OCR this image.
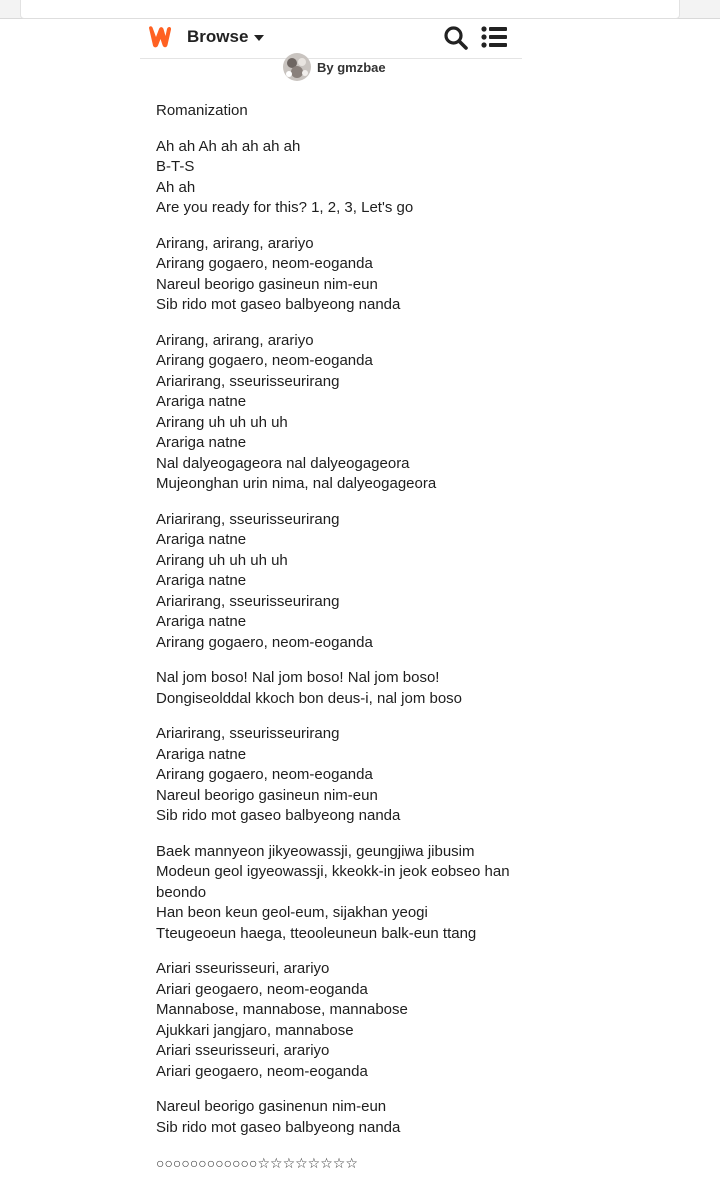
Browse
By gmzbae
Romanization
Ah ah Ah ah ah ah ah
B-T-S
Ah ah
Are you ready for this? 1, 2, 3, Let's go
Arirang, arirang, arariyo
Arirang gogaero, neom-eoganda
Nareul beorigo gasineun nim-eun
Sib rido mot gaseo balbyeong nanda
Arirang, arirang, arariyo
Arirang gogaero, neom-eoganda
Ariarirang, sseurisseurirang
Arariga natne
Arirang uh uh uh uh
Arariga natne
Nal dalyeogageora nal dalyeogageora
Mujeonghan urin nima, nal dalyeogageora
Ariarirang, sseurisseurirang
Arariga natne
Arirang uh uh uh uh
Arariga natne
Ariarirang, sseurisseurirang
Arariga natne
Arirang gogaero, neom-eoganda
Nal jom boso! Nal jom boso! Nal jom boso!
Dongiseolddal kkoch bon deus-i, nal jom boso
Ariarirang, sseurisseurirang
Arariga natne
Arirang gogaero, neom-eoganda
Nareul beorigo gasineun nim-eun
Sib rido mot gaseo balbyeong nanda
Baek mannyeon jikyeowassji, geungjiwa jibusim
Modeun geol igyeowassji, kkeokk-in jeok eobseo han beondo
Han beon keun geol-eum, sijakhan yeogi
Tteugeoeun haega, tteooleuneun balk-eun ttang
Ariari sseurisseuri, arariyo
Ariari geogaero, neom-eoganda
Mannabose, mannabose, mannabose
Ajukkari jangjaro, mannabose
Ariari sseurisseuri, arariyo
Ariari geogaero, neom-eoganda
Nareul beorigo gasinenun nim-eun
Sib rido mot gaseo balbyeong nanda
○○○○○○○○○○○○☆☆☆☆☆☆☆☆
